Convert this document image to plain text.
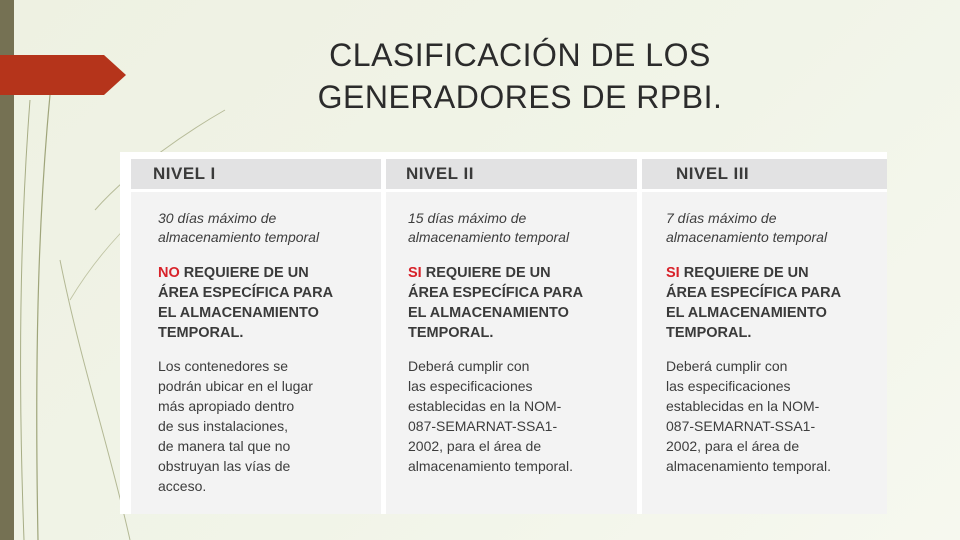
CLASIFICACIÓN DE LOS
GENERADORES DE RPBI.
NIVEL I	NIVEL II	NIVEL III

30 días máximo de
almacenamiento temporal

NO REQUIERE DE UN
ÁREA ESPECÍFICA PARA
EL ALMACENAMIENTO
TEMPORAL.

Los contenedores se
podrán ubicar en el lugar
más apropiado dentro
de sus instalaciones,
de manera tal que no
obstruyan las vías de
acceso.

15 días máximo de
almacenamiento temporal

SI REQUIERE DE UN
ÁREA ESPECÍFICA PARA
EL ALMACENAMIENTO
TEMPORAL.

Deberá cumplir con
las especificaciones
establecidas en la NOM-
087-SEMARNAT-SSA1-
2002, para el área de
almacenamiento temporal.

7 días máximo de
almacenamiento temporal

SI REQUIERE DE UN
ÁREA ESPECÍFICA PARA
EL ALMACENAMIENTO
TEMPORAL.

Deberá cumplir con
las especificaciones
establecidas en la NOM-
087-SEMARNAT-SSA1-
2002, para el área de
almacenamiento temporal.
